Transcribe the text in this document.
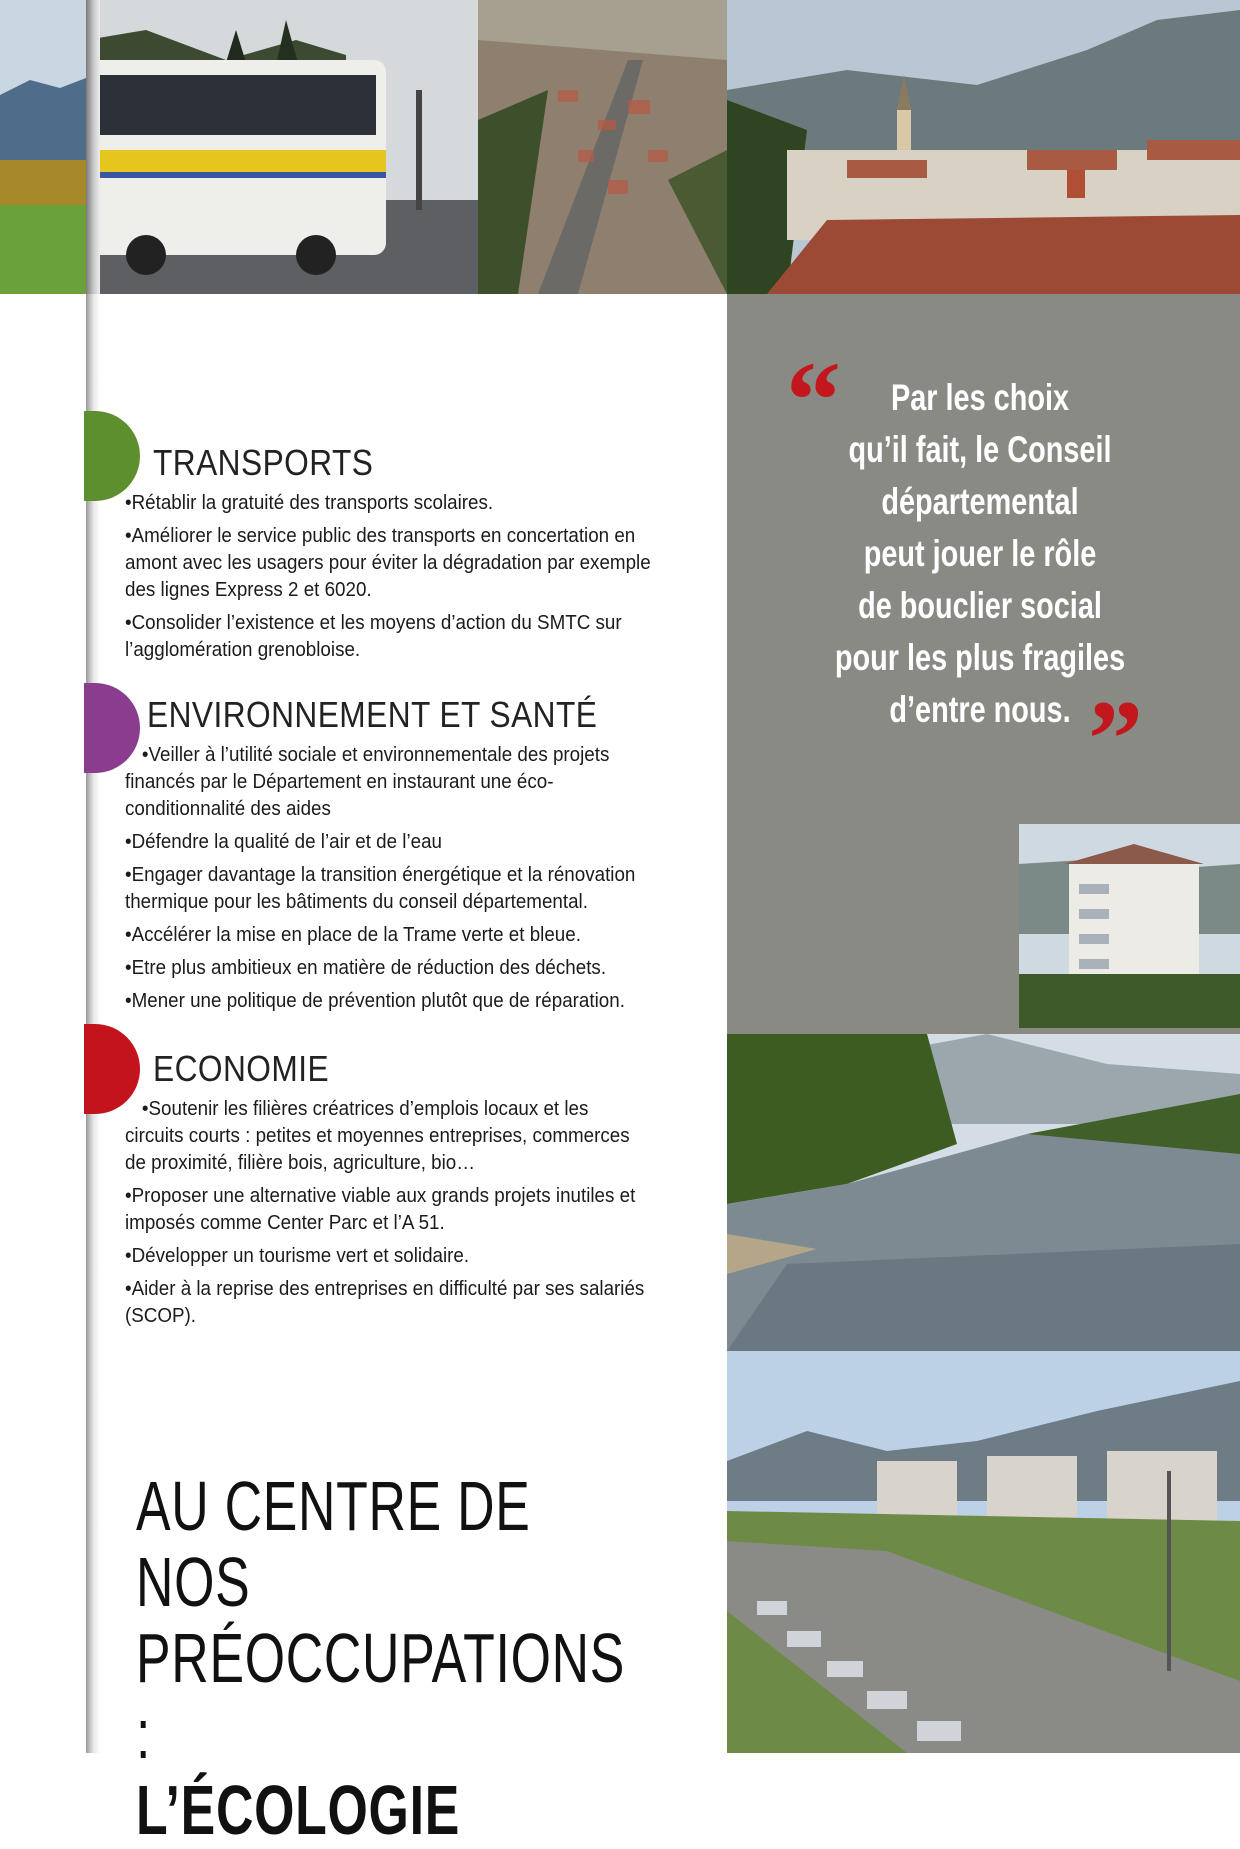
“	Par les choix
qu’il fait, le Conseil
départemental
peut jouer le rôle
de bouclier social
pour les plus fragiles
d’entre nous. ”
TRANSPORTS
• Rétablir la gratuité des transports scolaires.
• Améliorer le service public des transports en concertation en amont avec les usagers pour éviter la dégradation par exemple des lignes Express 2 et 6020.
• Consolider l’existence et les moyens d’action du SMTC sur l’agglomération grenobloise.
ENVIRONNEMENT ET SANTÉ
• Veiller à l’utilité sociale et environnementale des projets financés par le Département en instaurant une éco-conditionnalité des aides
• Défendre la qualité de l’air et de l’eau
• Engager davantage la transition énergétique et la rénovation thermique pour les bâtiments du conseil départemental.
• Accélérer la mise en place de la Trame verte et bleue.
• Etre plus ambitieux en matière de réduction des déchets.
• Mener une politique de prévention plutôt que de réparation.
ECONOMIE
• Soutenir les filières créatrices d’emplois locaux et les circuits courts : petites et moyennes entreprises, commerces de proximité, filière bois, agriculture, bio…
• Proposer une alternative viable aux grands projets inutiles et imposés comme Center Parc et l’A 51.
• Développer un tourisme vert et solidaire.
• Aider à la reprise des entreprises en difficulté par ses salariés (SCOP).
AU CENTRE DE NOS
PRÉOCCUPATIONS :
L’ÉCOLOGIE
